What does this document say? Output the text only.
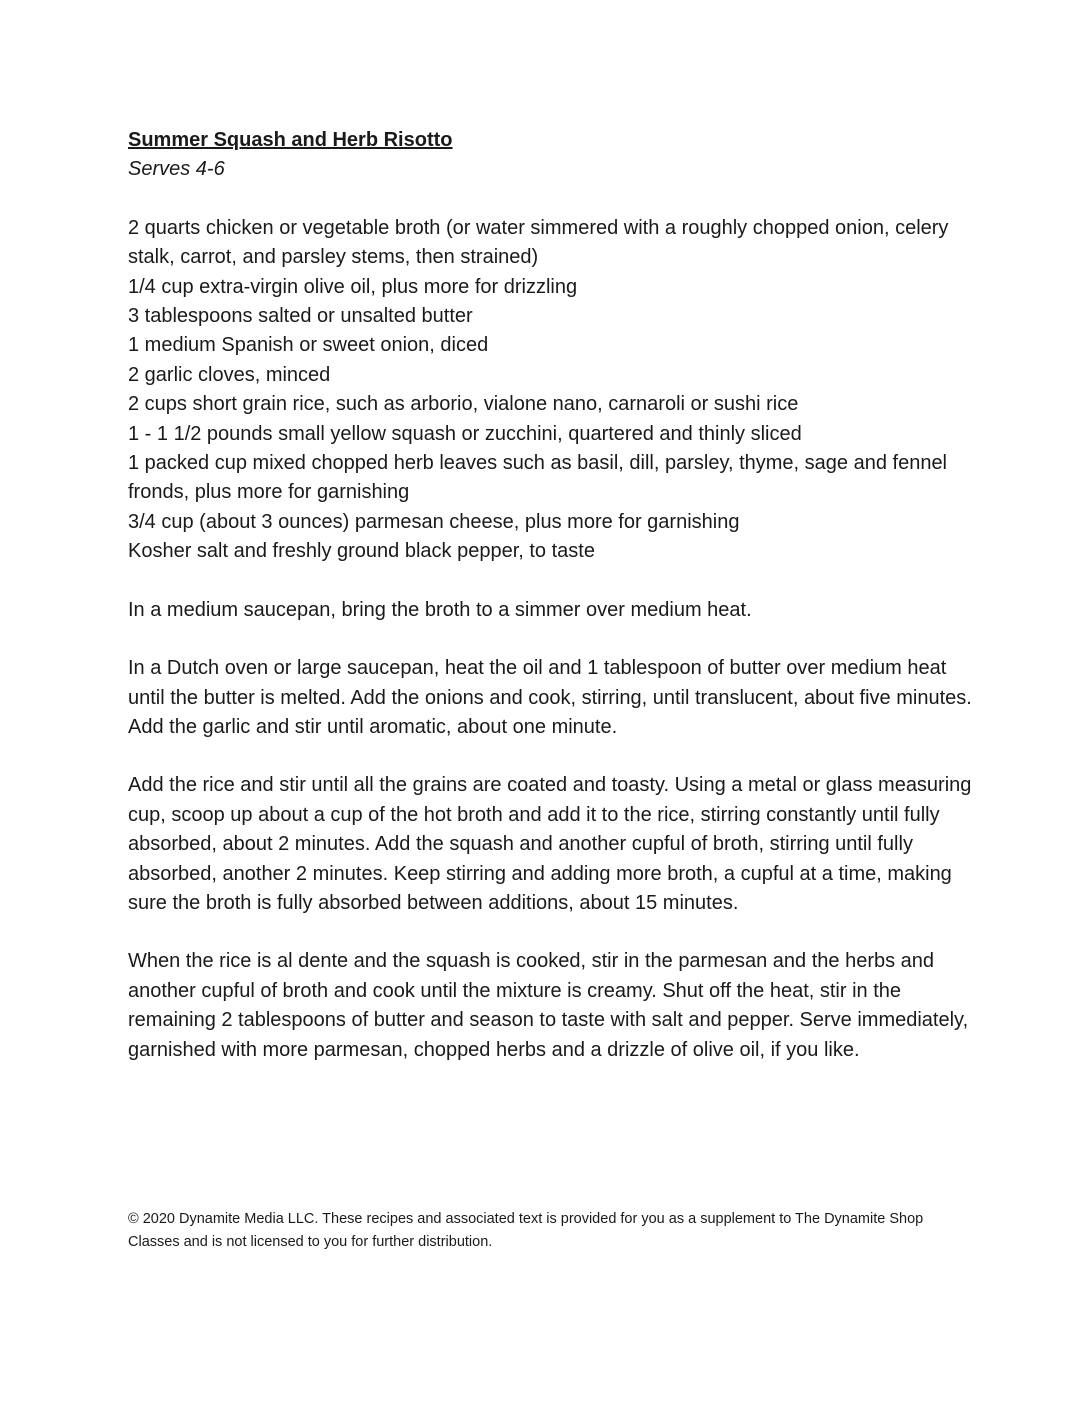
Summer Squash and Herb Risotto

Serves 4-6

2 quarts chicken or vegetable broth (or water simmered with a roughly chopped onion, celery stalk, carrot, and parsley stems, then strained)
1/4 cup extra-virgin olive oil, plus more for drizzling
3 tablespoons salted or unsalted butter
1 medium Spanish or sweet onion, diced
2 garlic cloves, minced
2 cups short grain rice, such as arborio, vialone nano, carnaroli or sushi rice
1 - 1 1/2 pounds small yellow squash or zucchini, quartered and thinly sliced
1 packed cup mixed chopped herb leaves such as basil, dill, parsley, thyme, sage and fennel fronds, plus more for garnishing
3/4 cup (about 3 ounces) parmesan cheese, plus more for garnishing
Kosher salt and freshly ground black pepper, to taste

In a medium saucepan, bring the broth to a simmer over medium heat.

In a Dutch oven or large saucepan, heat the oil and 1 tablespoon of butter over medium heat until the butter is melted. Add the onions and cook, stirring, until translucent, about five minutes. Add the garlic and stir until aromatic, about one minute.

Add the rice and stir until all the grains are coated and toasty. Using a metal or glass measuring cup, scoop up about a cup of the hot broth and add it to the rice, stirring constantly until fully absorbed, about 2 minutes. Add the squash and another cupful of broth, stirring until fully absorbed, another 2 minutes. Keep stirring and adding more broth, a cupful at a time, making sure the broth is fully absorbed between additions, about 15 minutes.

When the rice is al dente and the squash is cooked, stir in the parmesan and the herbs and another cupful of broth and cook until the mixture is creamy. Shut off the heat, stir in the remaining 2 tablespoons of butter and season to taste with salt and pepper. Serve immediately, garnished with more parmesan, chopped herbs and a drizzle of olive oil, if you like.

© 2020 Dynamite Media LLC. These recipes and associated text is provided for you as a supplement to The Dynamite Shop Classes and is not licensed to you for further distribution.
